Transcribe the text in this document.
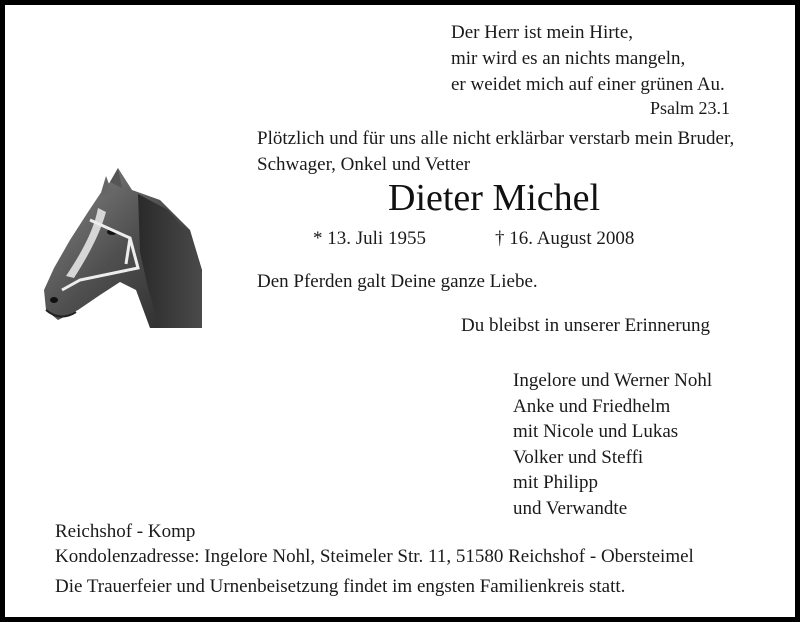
Der Herr ist mein Hirte,
mir wird es an nichts mangeln,
er weidet mich auf einer grünen Au.
Psalm 23.1
Plötzlich und für uns alle nicht erklärbar verstarb mein Bruder,
Schwager, Onkel und Vetter
Dieter Michel
* 13. Juli 1955	† 16. August 2008
Den Pferden galt Deine ganze Liebe.
Du bleibst in unserer Erinnerung
Ingelore und Werner Nohl
Anke und Friedhelm
mit Nicole und Lukas
Volker und Steffi
mit Philipp
und Verwandte
Reichshof - Komp
Kondolenzadresse: Ingelore Nohl, Steimeler Str. 11, 51580 Reichshof - Obersteimel
Die Trauerfeier und Urnenbeisetzung findet im engsten Familienkreis statt.
